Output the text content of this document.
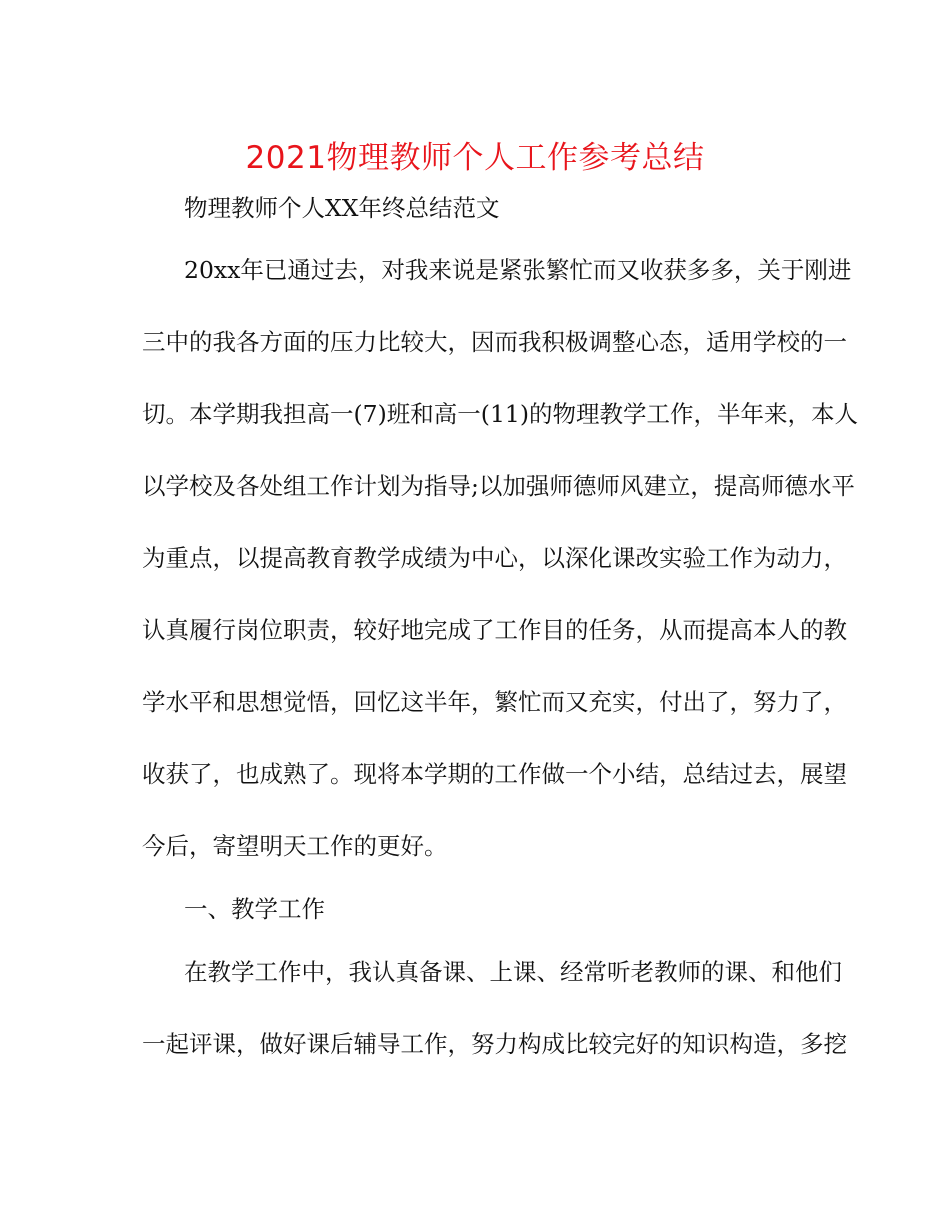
2021物理教师个人工作参考总结
物理教师个人XX年终总结范文
20xx年已通过去，对我来说是紧张繁忙而又收获多多，关于刚进
三中的我各方面的压力比较大，因而我积极调整心态，适用学校的一
切。本学期我担高一(7)班和高一(11)的物理教学工作，半年来，本人
以学校及各处组工作计划为指导;以加强师德师风建立，提高师德水平
为重点，以提高教育教学成绩为中心，以深化课改实验工作为动力，
认真履行岗位职责，较好地完成了工作目的任务，从而提高本人的教
学水平和思想觉悟，回忆这半年，繁忙而又充实，付出了，努力了，
收获了，也成熟了。现将本学期的工作做一个小结，总结过去，展望
今后，寄望明天工作的更好。
一、教学工作
在教学工作中，我认真备课、上课、经常听老教师的课、和他们
一起评课，做好课后辅导工作，努力构成比较完好的知识构造，多挖
